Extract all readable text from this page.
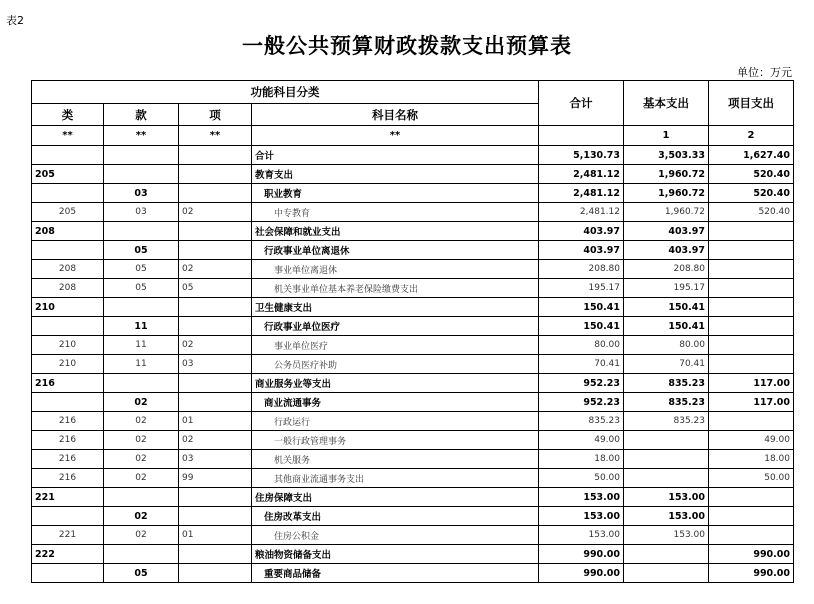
表2
一般公共预算财政拨款支出预算表
单位：万元
功能科目分类				合计	基本支出	项目支出
类	款	项	科目名称			
**	**	**	**		1	2
			合计	5,130.73	3,503.33	1,627.40
205			教育支出	2,481.12	1,960.72	520.40
	03		职业教育	2,481.12	1,960.72	520.40
205	03	02	中专教育	2,481.12	1,960.72	520.40
208			社会保障和就业支出	403.97	403.97	
	05		行政事业单位离退休	403.97	403.97	
208	05	02	事业单位离退休	208.80	208.80	
208	05	05	机关事业单位基本养老保险缴费支出	195.17	195.17	
210			卫生健康支出	150.41	150.41	
	11		行政事业单位医疗	150.41	150.41	
210	11	02	事业单位医疗	80.00	80.00	
210	11	03	公务员医疗补助	70.41	70.41	
216			商业服务业等支出	952.23	835.23	117.00
	02		商业流通事务	952.23	835.23	117.00
216	02	01	行政运行	835.23	835.23	
216	02	02	一般行政管理事务	49.00		49.00
216	02	03	机关服务	18.00		18.00
216	02	99	其他商业流通事务支出	50.00		50.00
221			住房保障支出	153.00	153.00	
	02		住房改革支出	153.00	153.00	
221	02	01	住房公积金	153.00	153.00	
222			粮油物资储备支出	990.00		990.00
	05		重要商品储备	990.00		990.00
